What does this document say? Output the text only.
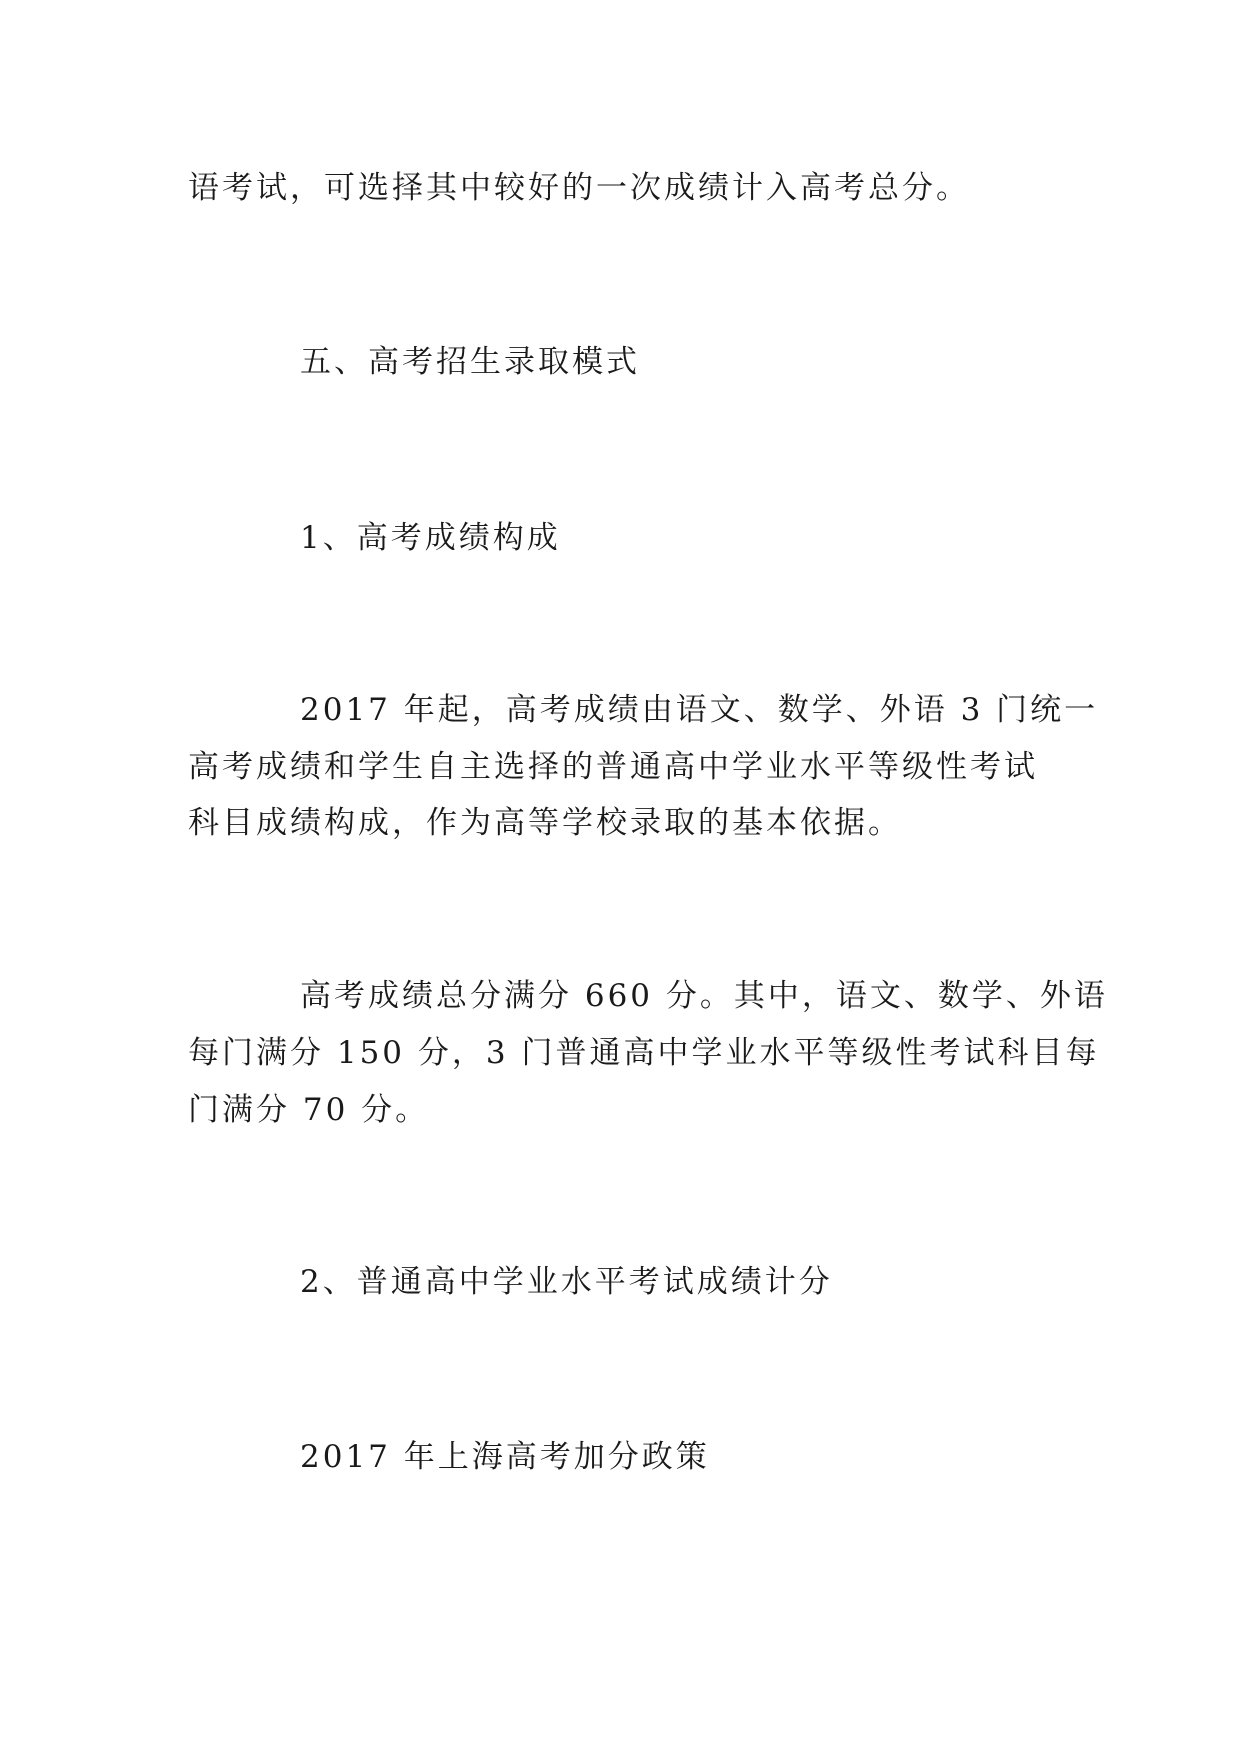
语考试，可选择其中较好的一次成绩计入高考总分。
五、高考招生录取模式
1、高考成绩构成
2017 年起，高考成绩由语文、数学、外语 3 门统一
高考成绩和学生自主选择的普通高中学业水平等级性考试
科目成绩构成，作为高等学校录取的基本依据。
高考成绩总分满分 660 分。其中，语文、数学、外语
每门满分 150 分，3 门普通高中学业水平等级性考试科目每
门满分 70 分。
2、普通高中学业水平考试成绩计分
2017 年上海高考加分政策
